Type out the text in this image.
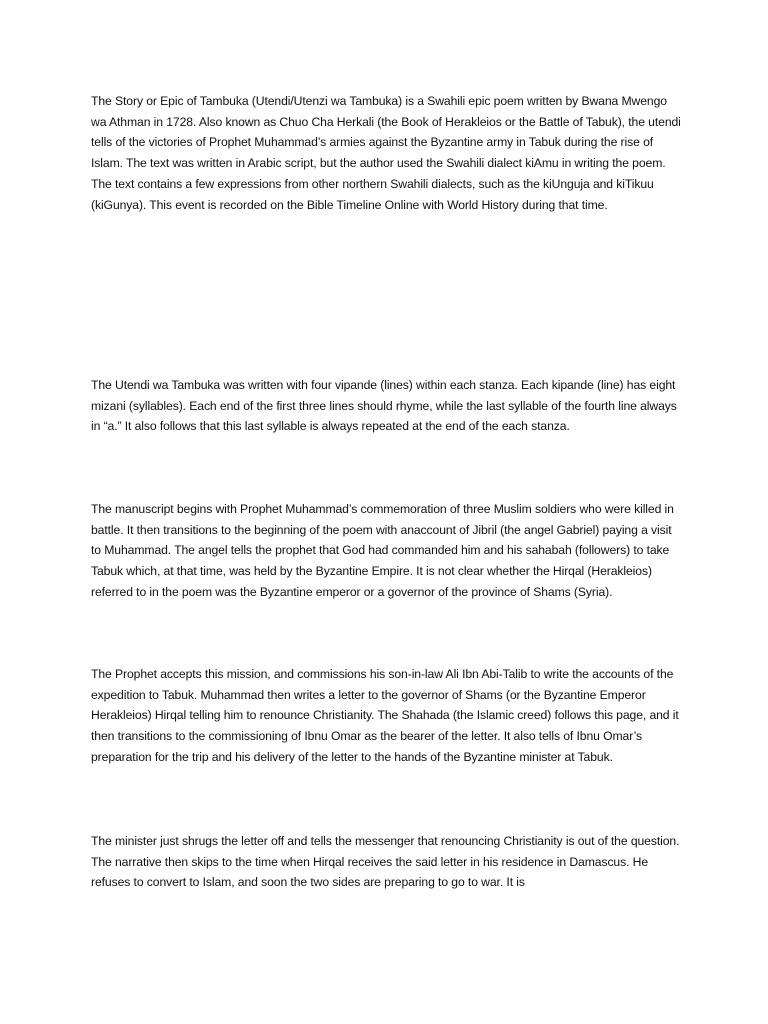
The Story or Epic of Tambuka (Utendi/Utenzi wa Tambuka) is a Swahili epic poem written by Bwana Mwengo wa Athman in 1728. Also known as Chuo Cha Herkali (the Book of Herakleios or the Battle of Tabuk), the utendi tells of the victories of Prophet Muhammad’s armies against the Byzantine army in Tabuk during the rise of Islam. The text was written in Arabic script, but the author used the Swahili dialect kiAmu in writing the poem. The text contains a few expressions from other northern Swahili dialects, such as the kiUnguja and kiTikuu (kiGunya). This event is recorded on the Bible Timeline Online with World History during that time.

The Utendi wa Tambuka was written with four vipande (lines) within each stanza. Each kipande (line) has eight mizani (syllables). Each end of the first three lines should rhyme, while the last syllable of the fourth line always in “a.” It also follows that this last syllable is always repeated at the end of the each stanza.

The manuscript begins with Prophet Muhammad’s commemoration of three Muslim soldiers who were killed in battle. It then transitions to the beginning of the poem with anaccount of Jibril (the angel Gabriel) paying a visit to Muhammad. The angel tells the prophet that God had commanded him and his sahabah (followers) to take Tabuk which, at that time, was held by the Byzantine Empire. It is not clear whether the Hirqal (Herakleios) referred to in the poem was the Byzantine emperor or a governor of the province of Shams (Syria).

The Prophet accepts this mission, and commissions his son-in-law Ali Ibn Abi-Talib to write the accounts of the expedition to Tabuk. Muhammad then writes a letter to the governor of Shams (or the Byzantine Emperor Herakleios) Hirqal telling him to renounce Christianity. The Shahada (the Islamic creed) follows this page, and it then transitions to the commissioning of Ibnu Omar as the bearer of the letter. It also tells of Ibnu Omar’s preparation for the trip and his delivery of the letter to the hands of the Byzantine minister at Tabuk.

The minister just shrugs the letter off and tells the messenger that renouncing Christianity is out of the question. The narrative then skips to the time when Hirqal receives the said letter in his residence in Damascus. He refuses to convert to Islam, and soon the two sides are preparing to go to war. It is
